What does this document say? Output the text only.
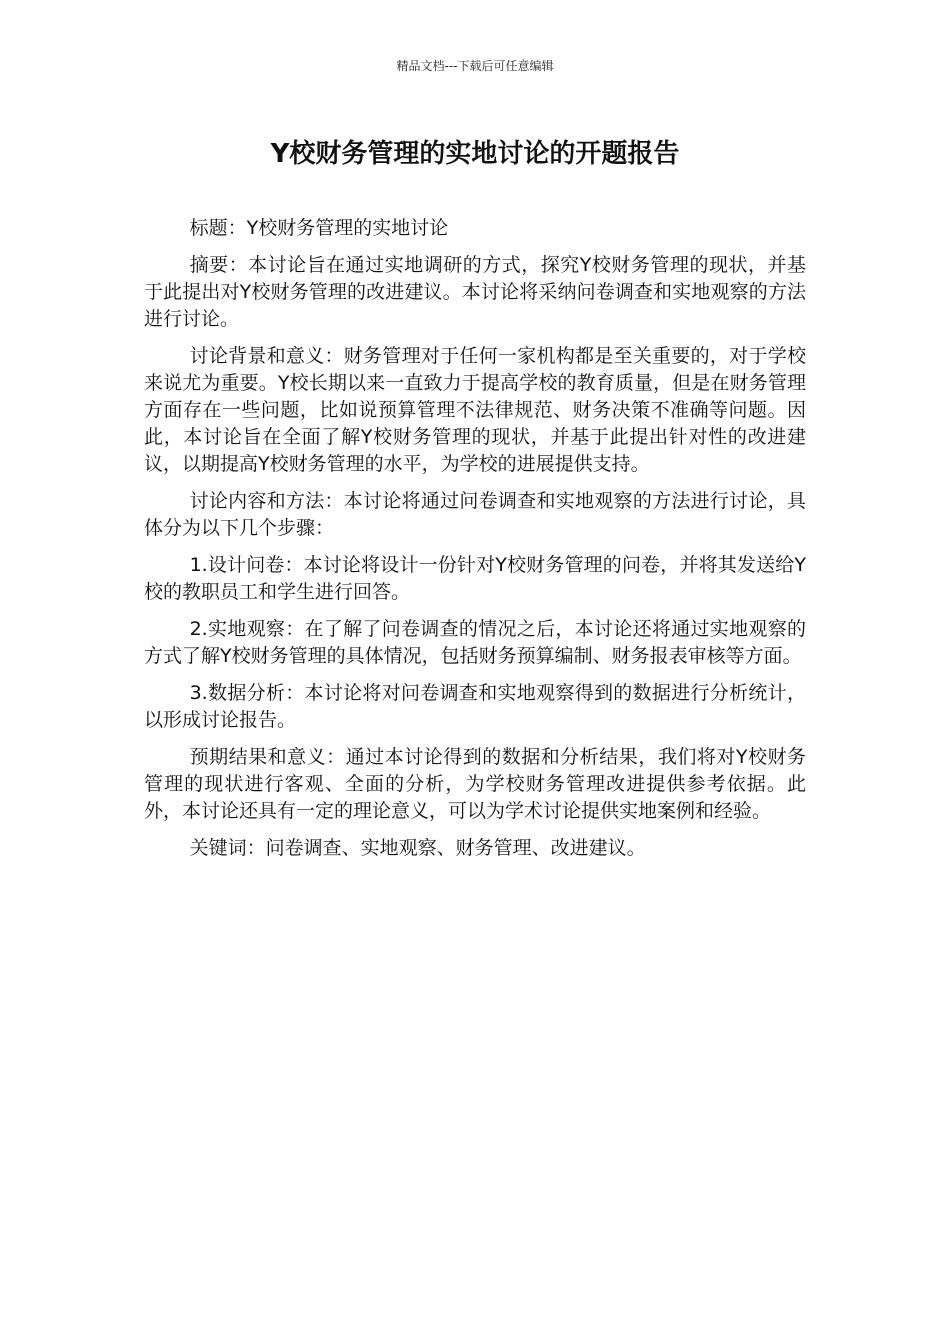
精品文档---下载后可任意编辑
Y校财务管理的实地讨论的开题报告

标题：Y校财务管理的实地讨论

摘要：本讨论旨在通过实地调研的方式，探究Y校财务管理的现状，并基于此提出对Y校财务管理的改进建议。本讨论将采纳问卷调查和实地观察的方法进行讨论。

讨论背景和意义：财务管理对于任何一家机构都是至关重要的，对于学校来说尤为重要。Y校长期以来一直致力于提高学校的教育质量，但是在财务管理方面存在一些问题，比如说预算管理不法律规范、财务决策不准确等问题。因此，本讨论旨在全面了解Y校财务管理的现状，并基于此提出针对性的改进建议，以期提高Y校财务管理的水平，为学校的进展提供支持。

讨论内容和方法：本讨论将通过问卷调查和实地观察的方法进行讨论，具体分为以下几个步骤：

1.设计问卷：本讨论将设计一份针对Y校财务管理的问卷，并将其发送给Y校的教职员工和学生进行回答。

2.实地观察：在了解了问卷调查的情况之后，本讨论还将通过实地观察的方式了解Y校财务管理的具体情况，包括财务预算编制、财务报表审核等方面。

3.数据分析：本讨论将对问卷调查和实地观察得到的数据进行分析统计，以形成讨论报告。

预期结果和意义：通过本讨论得到的数据和分析结果，我们将对Y校财务管理的现状进行客观、全面的分析，为学校财务管理改进提供参考依据。此外，本讨论还具有一定的理论意义，可以为学术讨论提供实地案例和经验。

关键词：问卷调查、实地观察、财务管理、改进建议。
